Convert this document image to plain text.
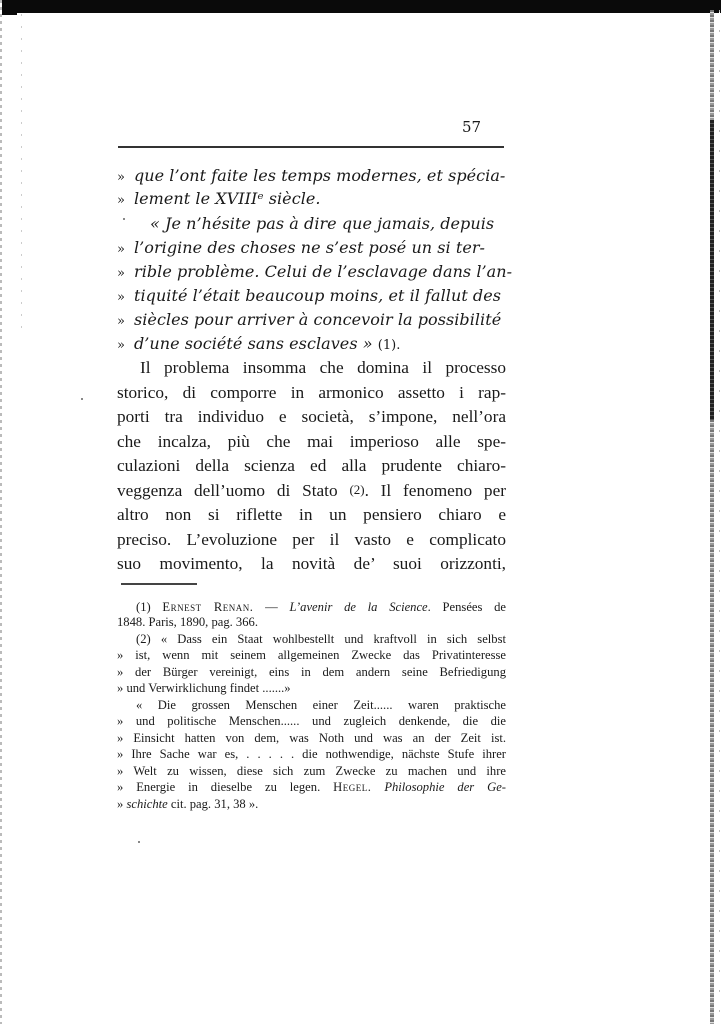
57
» que l’ont faite les temps modernes, et spécia-
» lement le XVIIIᵉ siècle.
« Je n’hésite pas à dire que jamais, depuis
» l’origine des choses ne s’est posé un si ter-
» rible problème. Celui de l’esclavage dans l’an-
» tiquité l’était beaucoup moins, et il fallut des
» siècles pour arriver à concevoir la possibilité
» d’une société sans esclaves » (1).
Il problema insomma che domina il processo
storico, di comporre in armonico assetto i rap-
porti tra individuo e società, s’impone, nell’ora
che incalza, più che mai imperioso alle spe-
culazioni della scienza ed alla prudente chiaro-
veggenza dell’uomo di Stato (2). Il fenomeno per
altro non si riflette in un pensiero chiaro e
preciso. L’evoluzione per il vasto e complicato
suo movimento, la novità de’ suoi orizzonti,
(1) Ernest Renan. — L’avenir de la Science. Pensées de
1848. Paris, 1890, pag. 366.
(2) « Dass ein Staat wohlbestellt und kraftvoll in sich selbst
» ist, wenn mit seinem allgemeinen Zwecke das Privatinteresse
» der Bürger vereinigt, eins in dem andern seine Befriedigung
» und Verwirklichung findet .......»
« Die grossen Menschen einer Zeit...... waren praktische
» und politische Menschen...... und zugleich denkende, die die
» Einsicht hatten von dem, was Noth und was an der Zeit ist.
» Ihre Sache war es, . . . . . die nothwendige, nächste Stufe ihrer
» Welt zu wissen, diese sich zum Zwecke zu machen und ihre
» Energie in dieselbe zu legen. Hegel. Philosophie der Ge-
» schichte cit. pag. 31, 38 ».
